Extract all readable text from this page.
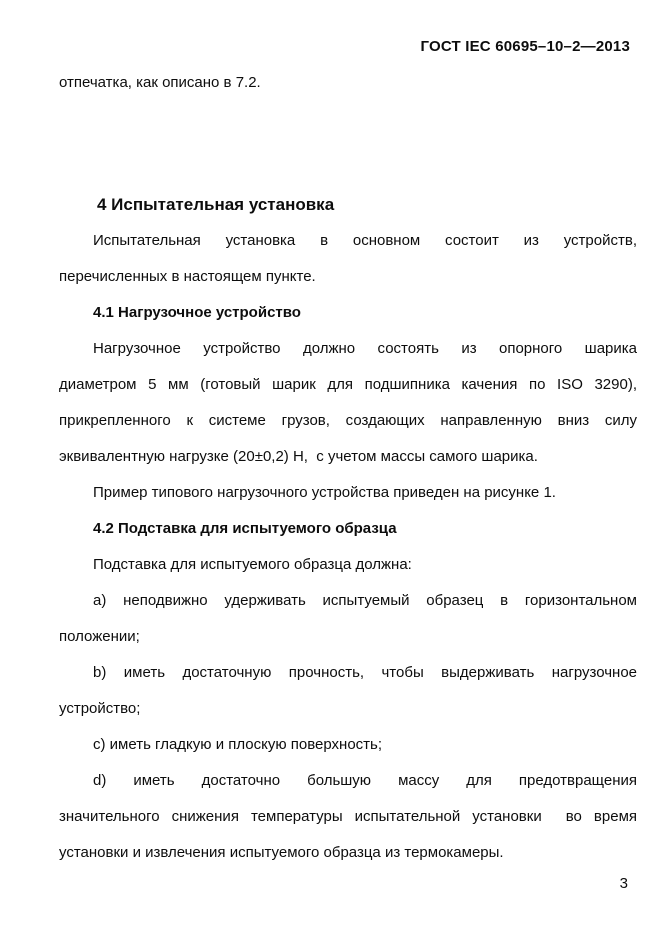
ГОСТ IEC 60695–10–2—2013
отпечатка, как описано в 7.2.
4 Испытательная установка
Испытательная установка в основном состоит из устройств,
перечисленных в настоящем пункте.
4.1 Нагрузочное устройство
Нагрузочное устройство должно состоять из опорного шарика
диаметром 5 мм (готовый шарик для подшипника качения по ISO 3290),
прикрепленного к системе грузов, создающих направленную вниз силу
эквивалентную нагрузке (20±0,2) Н,  с учетом массы самого шарика.
Пример типового нагрузочного устройства приведен на рисунке 1.
4.2 Подставка для испытуемого образца
Подставка для испытуемого образца должна:
a) неподвижно удерживать испытуемый образец в горизонтальном
положении;
b) иметь достаточную прочность, чтобы выдерживать нагрузочное
устройство;
c) иметь гладкую и плоскую поверхность;
d) иметь достаточно большую массу для предотвращения
значительного снижения температуры испытательной установки  во время
установки и извлечения испытуемого образца из термокамеры.
3
